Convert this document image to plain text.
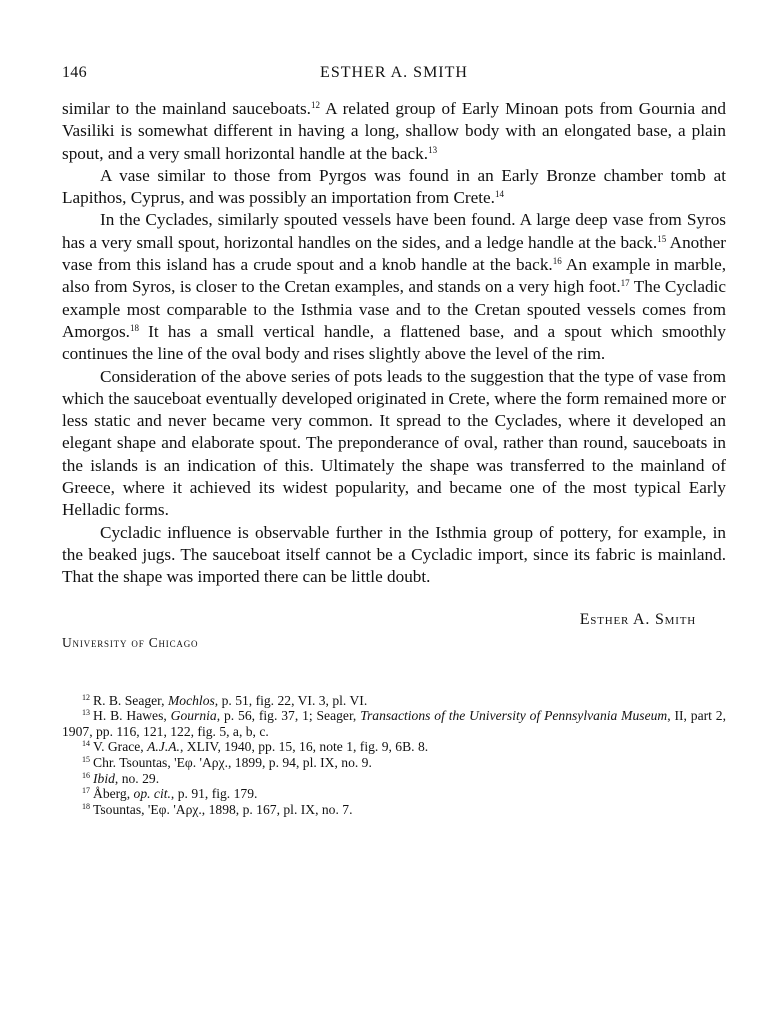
146	ESTHER A. SMITH

similar to the mainland sauceboats.$^{12}$ A related group of Early Minoan pots from Gournia and Vasiliki is somewhat different in having a long, shallow body with an elongated base, a plain spout, and a very small horizontal handle at the back.$^{13}$

A vase similar to those from Pyrgos was found in an Early Bronze chamber tomb at Lapithos, Cyprus, and was possibly an importation from Crete.$^{14}$

In the Cyclades, similarly spouted vessels have been found. A large deep vase from Syros has a very small spout, horizontal handles on the sides, and a ledge handle at the back.$^{15}$ Another vase from this island has a crude spout and a knob handle at the back.$^{16}$ An example in marble, also from Syros, is closer to the Cretan examples, and stands on a very high foot.$^{17}$ The Cycladic example most comparable to the Isthmia vase and to the Cretan spouted vessels comes from Amorgos.$^{18}$ It has a small vertical handle, a flattened base, and a spout which smoothly continues the line of the oval body and rises slightly above the level of the rim.

Consideration of the above series of pots leads to the suggestion that the type of vase from which the sauceboat eventually developed originated in Crete, where the form remained more or less static and never became very common. It spread to the Cyclades, where it developed an elegant shape and elaborate spout. The preponderance of oval, rather than round, sauceboats in the islands is an indication of this. Ultimately the shape was transferred to the mainland of Greece, where it achieved its widest popularity, and became one of the most typical Early Helladic forms.

Cycladic influence is observable further in the Isthmia group of pottery, for example, in the beaked jugs. The sauceboat itself cannot be a Cycladic import, since its fabric is mainland. That the shape was imported there can be little doubt.

Esther A. Smith
University of Chicago
$^{12}$ R. B. Seager, Mochlos, p. 51, fig. 22, VI. 3, pl. VI.
$^{13}$ H. B. Hawes, Gournia, p. 56, fig. 37, 1; Seager, Transactions of the University of Pennsylvania Museum, II, part 2, 1907, pp. 116, 121, 122, fig. 5, a, b, c.
$^{14}$ V. Grace, A.J.A., XLIV, 1940, pp. 15, 16, note 1, fig. 9, 6B. 8.
$^{15}$ Chr. Tsountas, 'Εφ. 'Αρχ., 1899, p. 94, pl. IX, no. 9.
$^{16}$ Ibid, no. 29.
$^{17}$ Åberg, op. cit., p. 91, fig. 179.
$^{18}$ Tsountas, 'Εφ. 'Αρχ., 1898, p. 167, pl. IX, no. 7.
